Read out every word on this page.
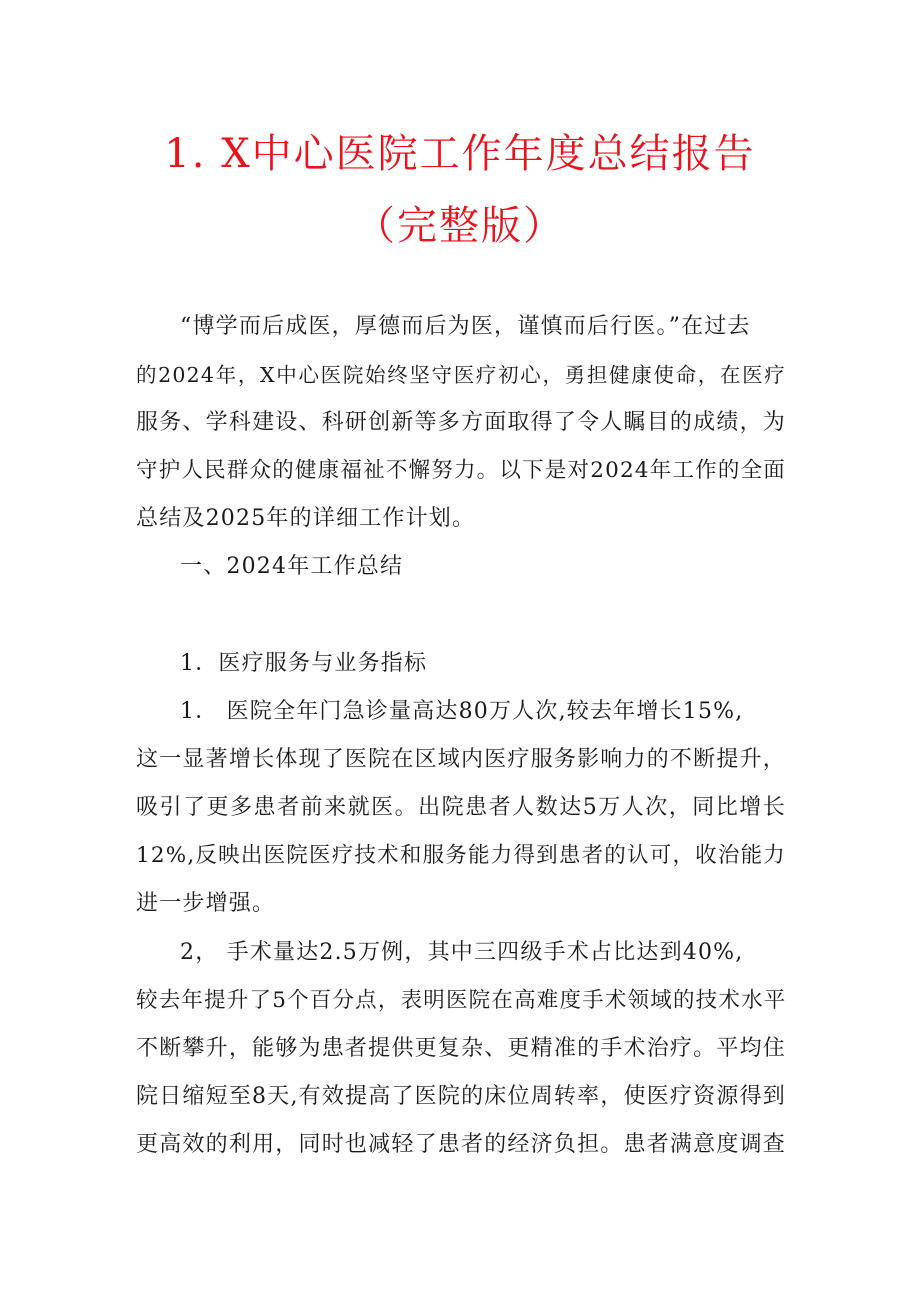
1. X中心医院工作年度总结报告
（完整版）
“博学而后成医，厚德而后为医，谨慎而后行医。”在过去
的2024年，X中心医院始终坚守医疗初心，勇担健康使命，在医疗
服务、学科建设、科研创新等多方面取得了令人瞩目的成绩，为
守护人民群众的健康福祉不懈努力。以下是对2024年工作的全面
总结及2025年的详细工作计划。
一、2024年工作总结
1．医疗服务与业务指标
1． 医院全年门急诊量高达80万人次,较去年增长15%,
这一显著增长体现了医院在区域内医疗服务影响力的不断提升，
吸引了更多患者前来就医。出院患者人数达5万人次，同比增长
12%,反映出医院医疗技术和服务能力得到患者的认可，收治能力
进一步增强。
2， 手术量达2.5万例，其中三四级手术占比达到40%,
较去年提升了5个百分点，表明医院在高难度手术领域的技术水平
不断攀升，能够为患者提供更复杂、更精准的手术治疗。平均住
院日缩短至8天,有效提高了医院的床位周转率，使医疗资源得到
更高效的利用，同时也减轻了患者的经济负担。患者满意度调查
